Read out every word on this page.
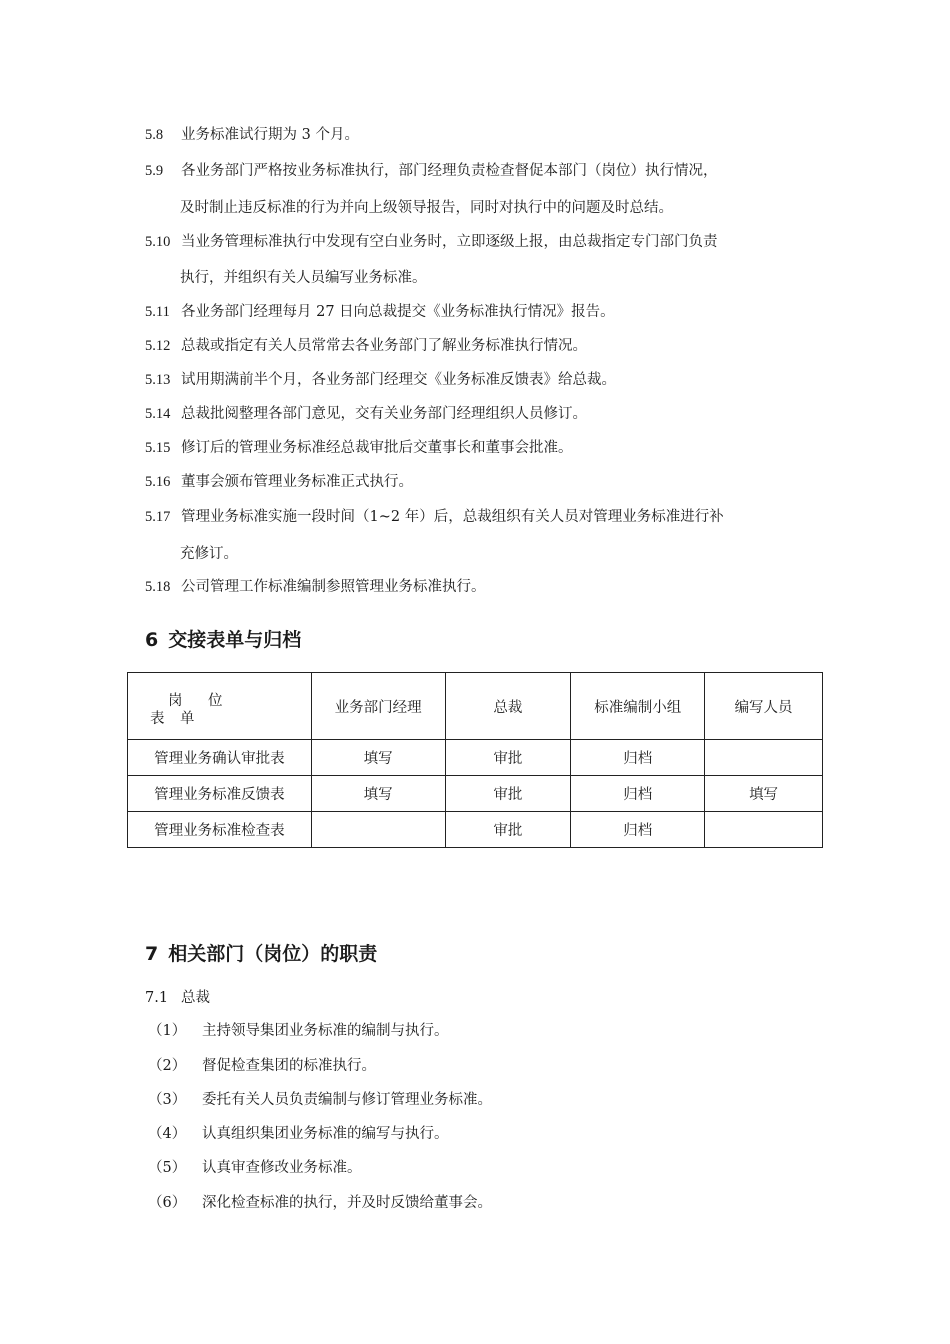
5.8 业务标准试行期为 3 个月。
5.9 各业务部门严格按业务标准执行，部门经理负责检查督促本部门（岗位）执行情况，
及时制止违反标准的行为并向上级领导报告，同时对执行中的问题及时总结。
5.10 当业务管理标准执行中发现有空白业务时，立即逐级上报，由总裁指定专门部门负责
执行，并组织有关人员编写业务标准。
5.11 各业务部门经理每月 27 日向总裁提交《业务标准执行情况》报告。
5.12 总裁或指定有关人员常常去各业务部门了解业务标准执行情况。
5.13 试用期满前半个月，各业务部门经理交《业务标准反馈表》给总裁。
5.14 总裁批阅整理各部门意见，交有关业务部门经理组织人员修订。
5.15 修订后的管理业务标准经总裁审批后交董事长和董事会批准。
5.16 董事会颁布管理业务标准正式执行。
5.17 管理业务标准实施一段时间（1~2 年）后，总裁组织有关人员对管理业务标准进行补
充修订。
5.18 公司管理工作标准编制参照管理业务标准执行。
6 交接表单与归档
岗 位
表 单	业务部门经理	总裁	标准编制小组	编写人员
管理业务确认审批表	填写	审批	归档	
管理业务标准反馈表	填写	审批	归档	填写
管理业务标准检查表		审批	归档	
7 相关部门（岗位）的职责
7.1 总裁
（1） 主持领导集团业务标准的编制与执行。
（2） 督促检查集团的标准执行。
（3） 委托有关人员负责编制与修订管理业务标准。
（4） 认真组织集团业务标准的编写与执行。
（5） 认真审查修改业务标准。
（6） 深化检查标准的执行，并及时反馈给董事会。
